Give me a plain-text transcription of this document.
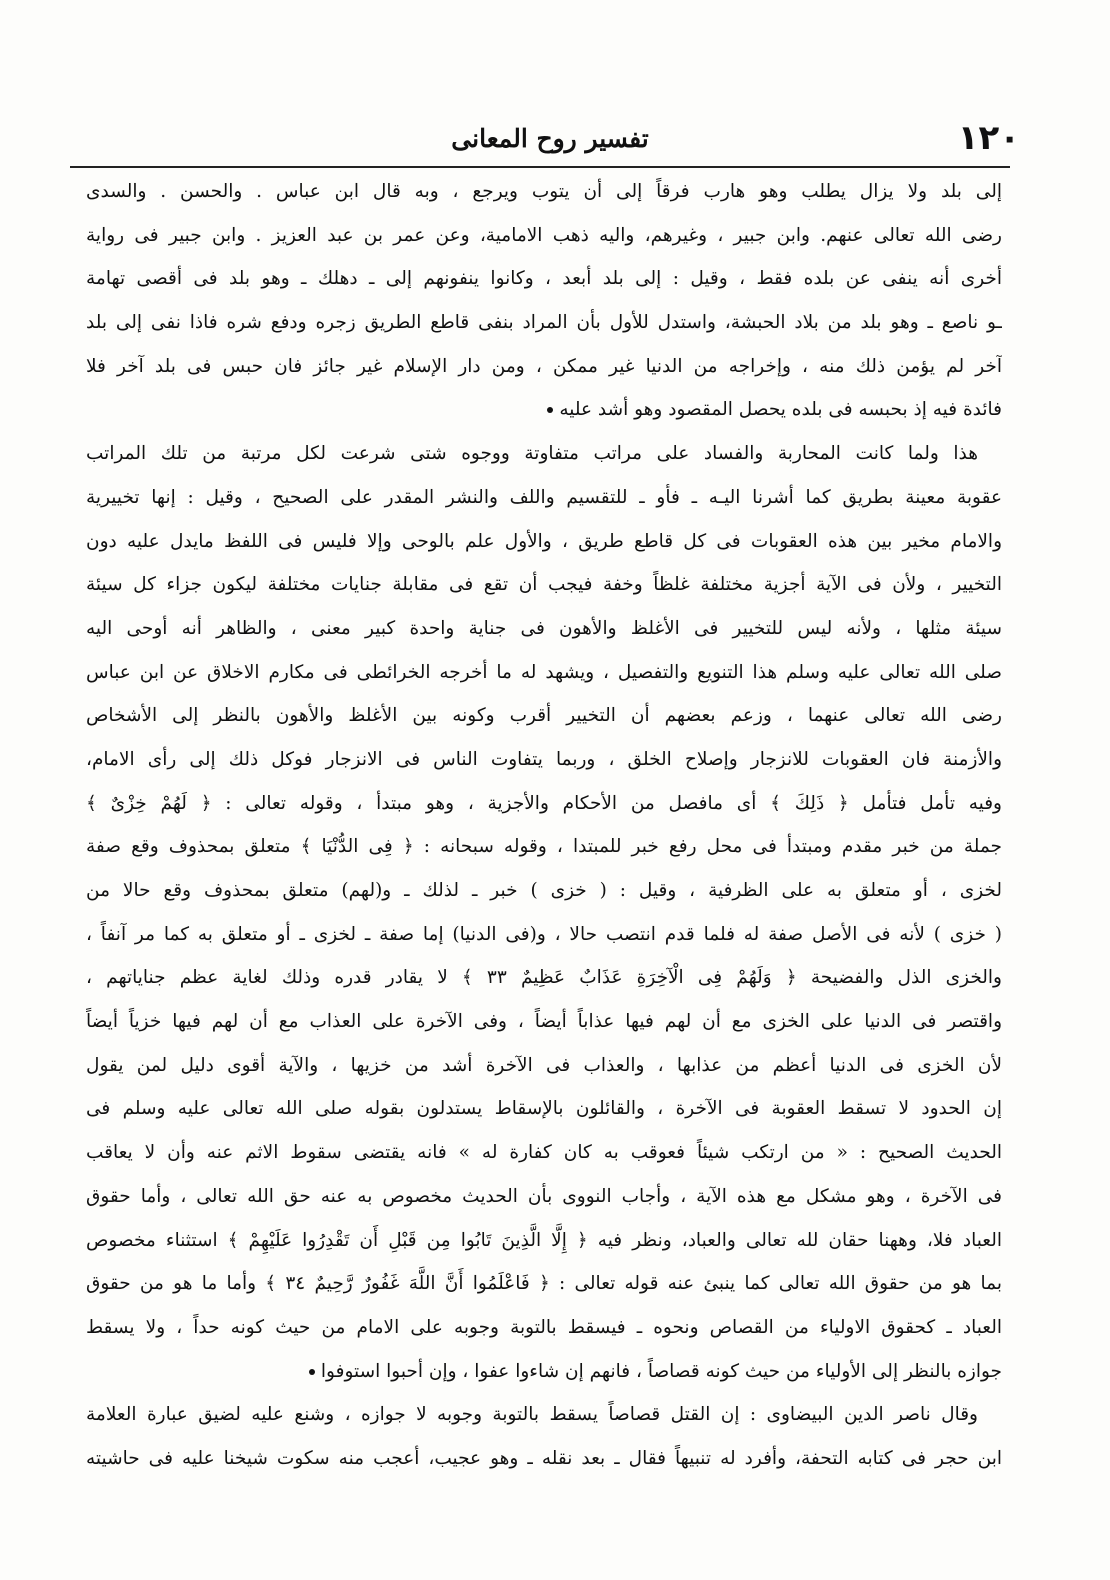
١٢٠
تفسير روح المعانى
إلى بلد ولا يزال يطلب وهو هارب فرقاً إلى أن يتوب ويرجع ، وبه قال ابن عباس . والحسن . والسدى
رضى الله تعالى عنهم. وابن جبير ، وغيرهم، واليه ذهب الامامية، وعن عمر بن عبد العزيز . وابن جبير فى رواية
أخرى أنه ينفى عن بلده فقط ، وقيل : إلى بلد أبعد ، وكانوا ينفونهم إلى ـ دهلك ـ وهو بلد فى أقصى تهامة
ـو ناصع ـ وهو بلد من بلاد الحبشة، واستدل للأول بأن المراد بنفى قاطع الطريق زجره ودفع شره فاذا نفى إلى بلد
آخر لم يؤمن ذلك منه ، وإخراجه من الدنيا غير ممكن ، ومن دار الإسلام غير جائز فان حبس فى بلد آخر فلا
فائدة فيه إذ بحبسه فى بلده يحصل المقصود وهو أشد عليه
هذا ولما كانت المحاربة والفساد على مراتب متفاوتة ووجوه شتى شرعت لكل مرتبة من تلك المراتب
عقوبة معينة بطريق كما أشرنا اليـه ـ فأو ـ للتقسيم واللف والنشر المقدر على الصحيح ، وقيل : إنها تخييرية
والامام مخير بين هذه العقوبات فى كل قاطع طريق ، والأول علم بالوحى وإلا فليس فى اللفظ مايدل عليه دون
التخيير ، ولأن فى الآية أجزية مختلفة غلظاً وخفة فيجب أن تقع فى مقابلة جنايات مختلفة ليكون جزاء كل سيئة
سيئة مثلها ، ولأنه ليس للتخيير فى الأغلظ والأهون فى جناية واحدة كبير معنى ، والظاهر أنه أوحى اليه
صلى الله تعالى عليه وسلم هذا التنويع والتفصيل ، ويشهد له ما أخرجه الخرائطى فى مكارم الاخلاق عن ابن عباس
رضى الله تعالى عنهما ، وزعم بعضهم أن التخيير أقرب وكونه بين الأغلظ والأهون بالنظر إلى الأشخاص
والأزمنة فان العقوبات للانزجار وإصلاح الخلق ، وربما يتفاوت الناس فى الانزجار فوكل ذلك إلى رأى الامام،
وفيه تأمل فتأمل ﴿ ذَلِكَ ﴾ أى مافصل من الأحكام والأجزية ، وهو مبتدأ ، وقوله تعالى : ﴿ لَهُمْ خِزْىٌ ﴾
جملة من خبر مقدم ومبتدأ فى محل رفع خبر للمبتدا ، وقوله سبحانه : ﴿ فِى الدُّنْيَا ﴾ متعلق بمحذوف وقع صفة
لخزى ، أو متعلق به على الظرفية ، وقيل : ( خزى ) خبر ـ لذلك ـ و(لهم) متعلق بمحذوف وقع حالا من
( خزى ) لأنه فى الأصل صفة له فلما قدم انتصب حالا ، و(فى الدنيا) إما صفة ـ لخزى ـ أو متعلق به كما مر آنفاً ،
والخزى الذل والفضيحة ﴿ وَلَهُمْ فِى الْآخِرَةِ عَذَابٌ عَظِيمٌ ٣٣ ﴾ لا يقادر قدره وذلك لغاية عظم جناياتهم ،
واقتصر فى الدنيا على الخزى مع أن لهم فيها عذاباً أيضاً ، وفى الآخرة على العذاب مع أن لهم فيها خزياً أيضاً
لأن الخزى فى الدنيا أعظم من عذابها ، والعذاب فى الآخرة أشد من خزيها ، والآية أقوى دليل لمن يقول
إن الحدود لا تسقط العقوبة فى الآخرة ، والقائلون بالإسقاط يستدلون بقوله صلى الله تعالى عليه وسلم فى
الحديث الصحيح : « من ارتكب شيئاً فعوقب به كان كفارة له » فانه يقتضى سقوط الاثم عنه وأن لا يعاقب
فى الآخرة ، وهو مشكل مع هذه الآية ، وأجاب النووى بأن الحديث مخصوص به عنه حق الله تعالى ، وأما حقوق
العباد فلا، وههنا حقان لله تعالى والعباد، ونظر فيه ﴿ إِلَّا الَّذِينَ تَابُوا مِن قَبْلِ أَن تَقْدِرُوا عَلَيْهِمْ ﴾ استثناء مخصوص
بما هو من حقوق الله تعالى كما ينبئ عنه قوله تعالى : ﴿ فَاعْلَمُوا أَنَّ اللَّهَ غَفُورٌ رَّحِيمٌ ٣٤ ﴾ وأما ما هو من حقوق
العباد ـ كحقوق الاولياء من القصاص ونحوه ـ فيسقط بالتوبة وجوبه على الامام من حيث كونه حداً ، ولا يسقط
جوازه بالنظر إلى الأولياء من حيث كونه قصاصاً ، فانهم إن شاءوا عفوا ، وإن أحبوا استوفوا
وقال ناصر الدين البيضاوى : إن القتل قصاصاً يسقط بالتوبة وجوبه لا جوازه ، وشنع عليه لضيق عبارة العلامة
ابن حجر فى كتابه التحفة، وأفرد له تنبيهاً فقال ـ بعد نقله ـ وهو عجيب، أعجب منه سكوت شيخنا عليه فى حاشيته
